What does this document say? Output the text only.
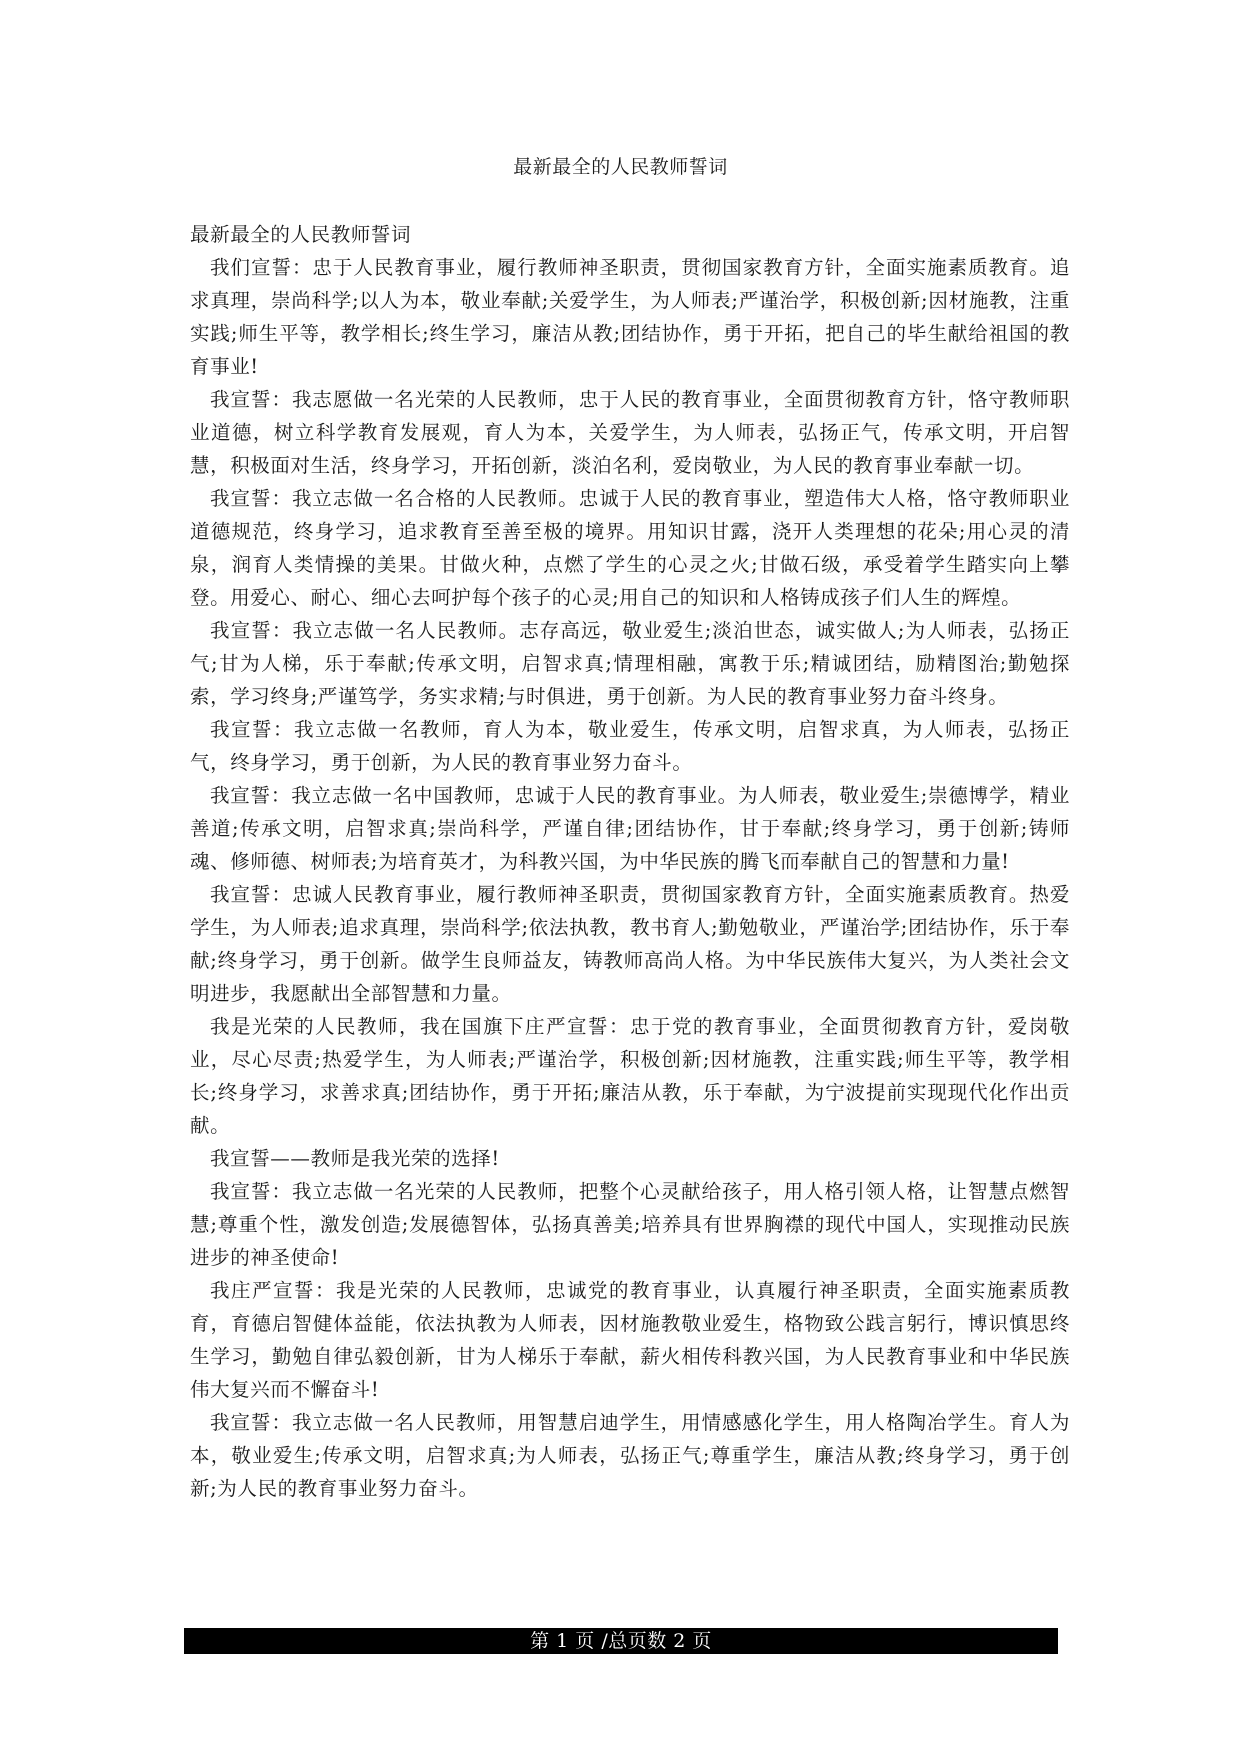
最新最全的人民教师誓词

最新最全的人民教师誓词

我们宣誓：忠于人民教育事业，履行教师神圣职责，贯彻国家教育方针，全面实施素质教育。追求真理，崇尚科学;以人为本，敬业奉献;关爱学生，为人师表;严谨治学，积极创新;因材施教，注重实践;师生平等，教学相长;终生学习，廉洁从教;团结协作，勇于开拓，把自己的毕生献给祖国的教育事业!

我宣誓：我志愿做一名光荣的人民教师，忠于人民的教育事业，全面贯彻教育方针，恪守教师职业道德，树立科学教育发展观，育人为本，关爱学生，为人师表，弘扬正气，传承文明，开启智慧，积极面对生活，终身学习，开拓创新，淡泊名利，爱岗敬业，为人民的教育事业奉献一切。

我宣誓：我立志做一名合格的人民教师。忠诚于人民的教育事业，塑造伟大人格，恪守教师职业道德规范，终身学习，追求教育至善至极的境界。用知识甘露，浇开人类理想的花朵;用心灵的清泉，润育人类情操的美果。甘做火种，点燃了学生的心灵之火;甘做石级，承受着学生踏实向上攀登。用爱心、耐心、细心去呵护每个孩子的心灵;用自己的知识和人格铸成孩子们人生的辉煌。

我宣誓：我立志做一名人民教师。志存高远，敬业爱生;淡泊世态，诚实做人;为人师表，弘扬正气;甘为人梯，乐于奉献;传承文明，启智求真;情理相融，寓教于乐;精诚团结，励精图治;勤勉探索，学习终身;严谨笃学，务实求精;与时俱进，勇于创新。为人民的教育事业努力奋斗终身。

我宣誓：我立志做一名教师，育人为本，敬业爱生，传承文明，启智求真，为人师表，弘扬正气，终身学习，勇于创新，为人民的教育事业努力奋斗。

我宣誓：我立志做一名中国教师，忠诚于人民的教育事业。为人师表，敬业爱生;崇德博学，精业善道;传承文明，启智求真;崇尚科学，严谨自律;团结协作，甘于奉献;终身学习，勇于创新;铸师魂、修师德、树师表;为培育英才，为科教兴国，为中华民族的腾飞而奉献自己的智慧和力量!

我宣誓：忠诚人民教育事业，履行教师神圣职责，贯彻国家教育方针，全面实施素质教育。热爱学生，为人师表;追求真理，崇尚科学;依法执教，教书育人;勤勉敬业，严谨治学;团结协作，乐于奉献;终身学习，勇于创新。做学生良师益友，铸教师高尚人格。为中华民族伟大复兴，为人类社会文明进步，我愿献出全部智慧和力量。

我是光荣的人民教师，我在国旗下庄严宣誓：忠于党的教育事业，全面贯彻教育方针，爱岗敬业，尽心尽责;热爱学生，为人师表;严谨治学，积极创新;因材施教，注重实践;师生平等，教学相长;终身学习，求善求真;团结协作，勇于开拓;廉洁从教，乐于奉献，为宁波提前实现现代化作出贡献。

我宣誓——教师是我光荣的选择!

我宣誓：我立志做一名光荣的人民教师，把整个心灵献给孩子，用人格引领人格，让智慧点燃智慧;尊重个性，激发创造;发展德智体，弘扬真善美;培养具有世界胸襟的现代中国人，实现推动民族进步的神圣使命!

我庄严宣誓：我是光荣的人民教师，忠诚党的教育事业，认真履行神圣职责，全面实施素质教育，育德启智健体益能，依法执教为人师表，因材施教敬业爱生，格物致公践言躬行，博识慎思终生学习，勤勉自律弘毅创新，甘为人梯乐于奉献，薪火相传科教兴国，为人民教育事业和中华民族伟大复兴而不懈奋斗!

我宣誓：我立志做一名人民教师，用智慧启迪学生，用情感感化学生，用人格陶冶学生。育人为本，敬业爱生;传承文明，启智求真;为人师表，弘扬正气;尊重学生，廉洁从教;终身学习，勇于创新;为人民的教育事业努力奋斗。

第 1 页 /总页数 2 页
